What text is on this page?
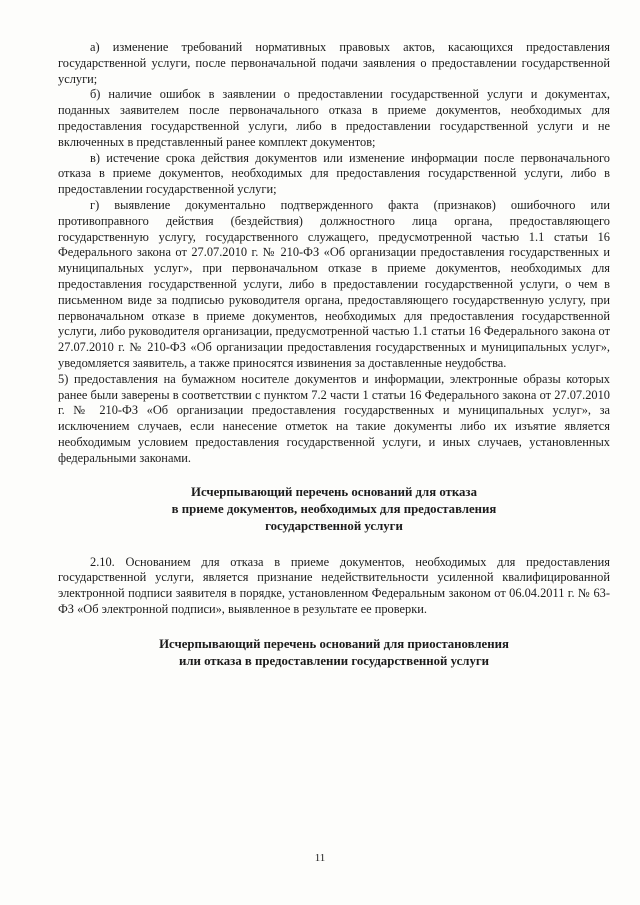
а) изменение требований нормативных правовых актов, касающихся предоставления государственной услуги, после первоначальной подачи заявления о предоставлении государственной услуги;

б) наличие ошибок в заявлении о предоставлении государственной услуги и документах, поданных заявителем после первоначального отказа в приеме документов, необходимых для предоставления государственной услуги, либо в предоставлении государственной услуги и не включенных в представленный ранее комплект документов;

в) истечение срока действия документов или изменение информации после первоначального отказа в приеме документов, необходимых для предоставления государственной услуги, либо в предоставлении государственной услуги;

г) выявление документально подтвержденного факта (признаков) ошибочного или противоправного действия (бездействия) должностного лица органа, предоставляющего государственную услугу, государственного служащего, предусмотренной частью 1.1 статьи 16 Федерального закона от 27.07.2010 г. № 210-ФЗ «Об организации предоставления государственных и муниципальных услуг», при первоначальном отказе в приеме документов, необходимых для предоставления государственной услуги, либо в предоставлении государственной услуги, о чем в письменном виде за подписью руководителя органа, предоставляющего государственную услугу, при первоначальном отказе в приеме документов, необходимых для предоставления государственной услуги, либо руководителя организации, предусмотренной частью 1.1 статьи 16 Федерального закона от 27.07.2010 г. № 210-ФЗ «Об организации предоставления государственных и муниципальных услуг», уведомляется заявитель, а также приносятся извинения за доставленные неудобства.

5) предоставления на бумажном носителе документов и информации, электронные образы которых ранее были заверены в соответствии с пунктом 7.2 части 1 статьи 16 Федерального закона от 27.07.2010 г. № 210-ФЗ «Об организации предоставления государственных и муниципальных услуг», за исключением случаев, если нанесение отметок на такие документы либо их изъятие является необходимым условием предоставления государственной услуги, и иных случаев, установленных федеральными законами.

Исчерпывающий перечень оснований для отказа
в приеме документов, необходимых для предоставления
государственной услуги

2.10. Основанием для отказа в приеме документов, необходимых для предоставления государственной услуги, является признание недействительности усиленной квалифицированной электронной подписи заявителя в порядке, установленном Федеральным законом от 06.04.2011 г. № 63-ФЗ «Об электронной подписи», выявленное в результате ее проверки.

Исчерпывающий перечень оснований для приостановления
или отказа в предоставлении государственной услуги
11
